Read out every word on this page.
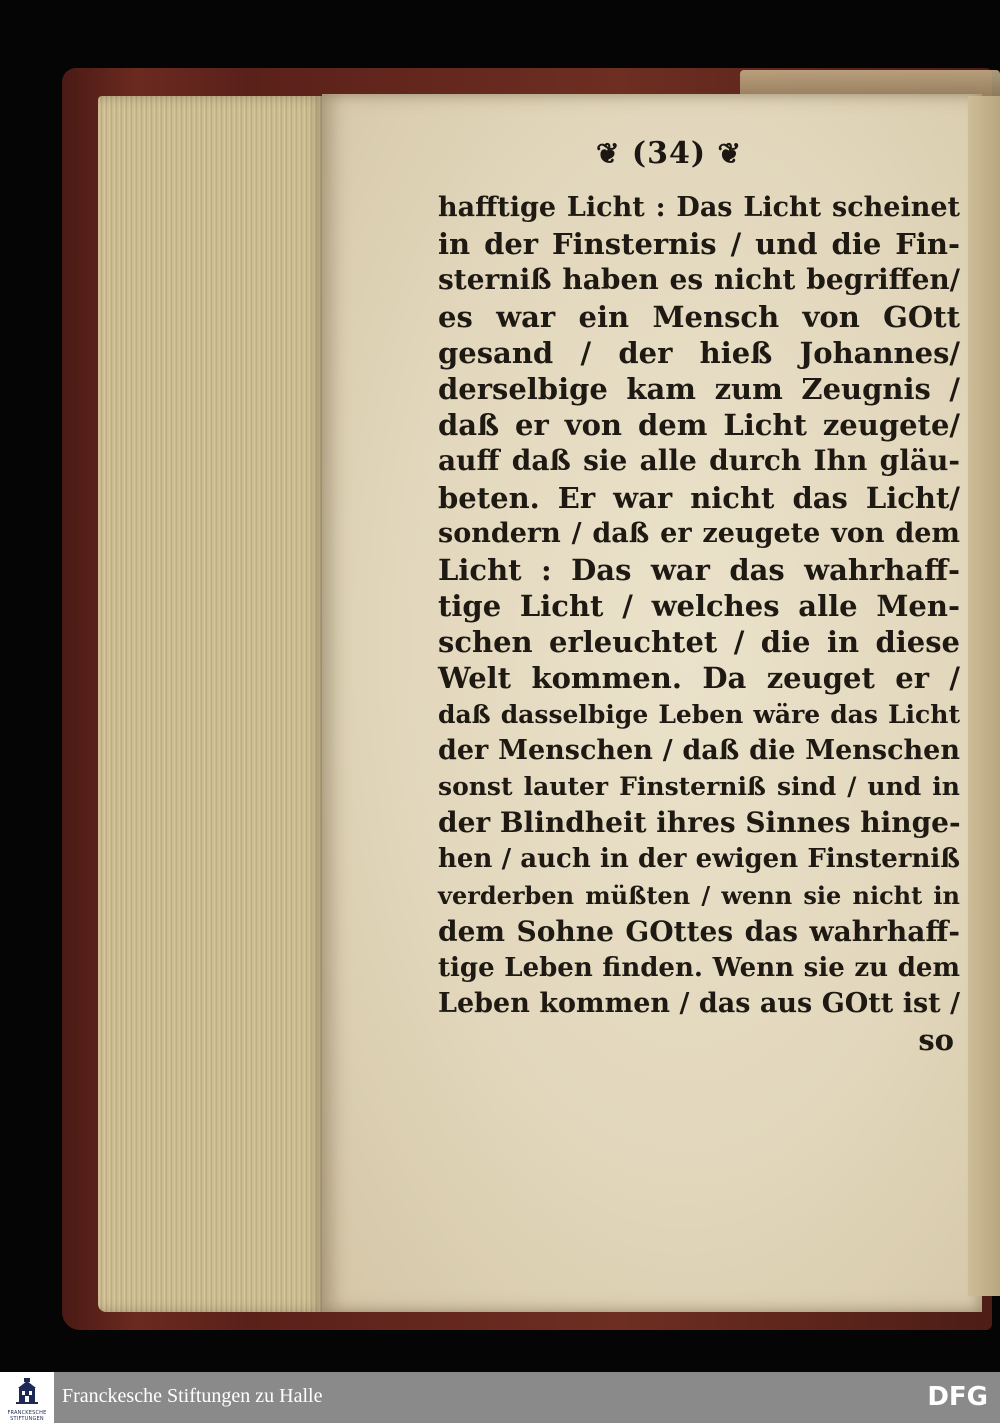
❦ (34) ❦
hafftige Licht : Das Licht scheinet
in der Finsternis / und die Fin-
sterniß haben es nicht begriffen/
es war ein Mensch von GOtt
gesand / der hieß Johannes/
derselbige kam zum Zeugnis /
daß er von dem Licht zeugete/
auff daß sie alle durch Ihn gläu-
beten. Er war nicht das Licht/
sondern / daß er zeugete von dem
Licht : Das war das wahrhaff-
tige Licht / welches alle Men-
schen erleuchtet / die in diese
Welt kommen. Da zeuget er /
daß dasselbige Leben wäre das Licht
der Menschen / daß die Menschen
sonst lauter Finsterniß sind / und in
der Blindheit ihres Sinnes hinge-
hen / auch in der ewigen Finsterniß
verderben müßten / wenn sie nicht in
dem Sohne GOttes das wahrhaff-
tige Leben finden. Wenn sie zu dem
Leben kommen / das aus GOtt ist /
so
FRANCKESCHE STIFTUNGEN
Franckesche Stiftungen zu Halle	DFG
